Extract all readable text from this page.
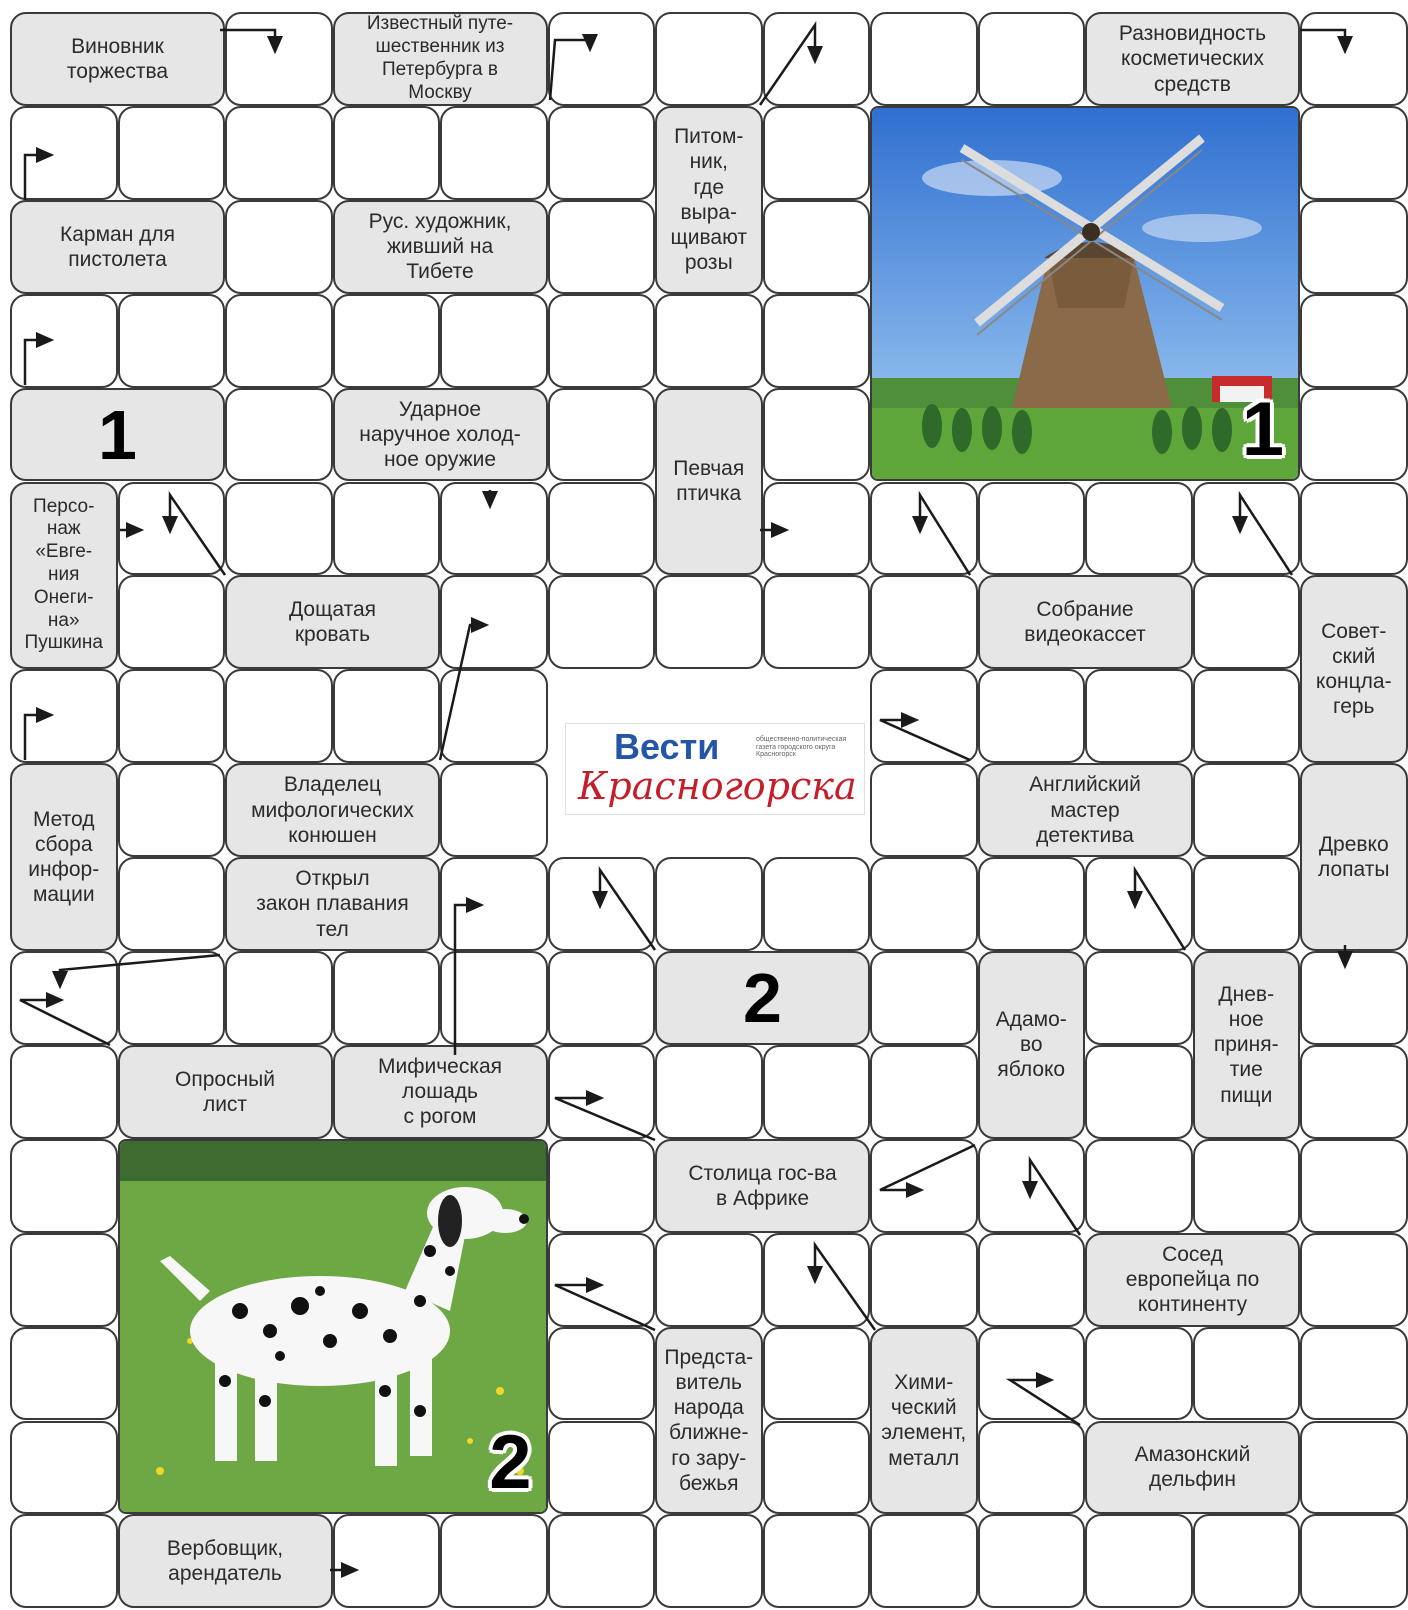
Виновник
торжества
Известный путе-
шественник из
Петербурга в
Москву
Разновидность
косметических
средств
Питом-
ник,
где
выра-
щивают
розы
Карман для
пистолета
Рус. художник,
живший на
Тибете
1	Ударное
наручное холод-
ное оружие	Певчая
птичка
Персо-
наж
«Евге-
ния
Онеги-
на»
Пушкина
Дощатая
кровать
Собрание
видеокассет	Совет-
ский
концла-
герь
Метод
сбора
инфор-
мации
Владелец
мифологических
конюшен
Английский
мастер
детектива	Древко
лопаты
Открыл
закон плавания
тел
2	Адамо-
во
яблоко
Днев-
ное
приня-
тие
пищи
Опросный
лист
Мифическая
лошадь
с рогом
Столица гос-ва
в Африке
Сосед
европейца по
континенту
Предста-
витель
народа
ближне-
го зару-
бежья
Хими-
ческий
элемент,
металл	Амазонский
дельфин
Вербовщик,
арендатель
1
2
Вести	общественно-политическая газета городского округа Красногорск
Красногорска
